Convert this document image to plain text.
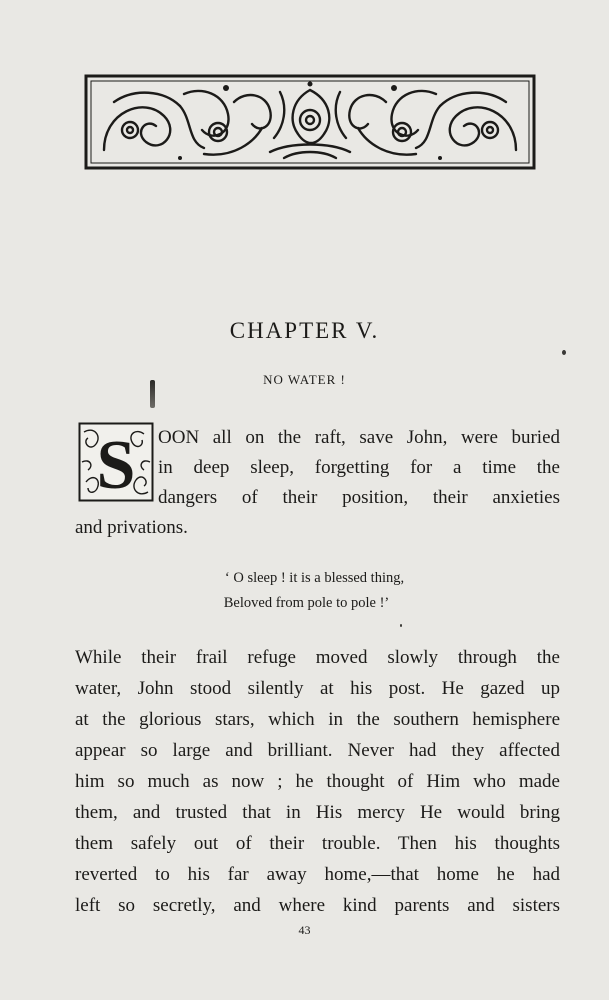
CHAPTER V.
NO WATER !
S OON all on the raft, save John, were buried
in deep sleep, forgetting for a time the
dangers of their position, their anxieties
and privations.
‘ O sleep ! it is a blessed thing,
Beloved from pole to pole !’
While their frail refuge moved slowly through the
water, John stood silently at his post. He gazed up
at the glorious stars, which in the southern hemisphere
appear so large and brilliant. Never had they affected
him so much as now ; he thought of Him who made
them, and trusted that in His mercy He would bring
them safely out of their trouble. Then his thoughts
reverted to his far away home,—that home he had
left so secretly, and where kind parents and sisters
43
